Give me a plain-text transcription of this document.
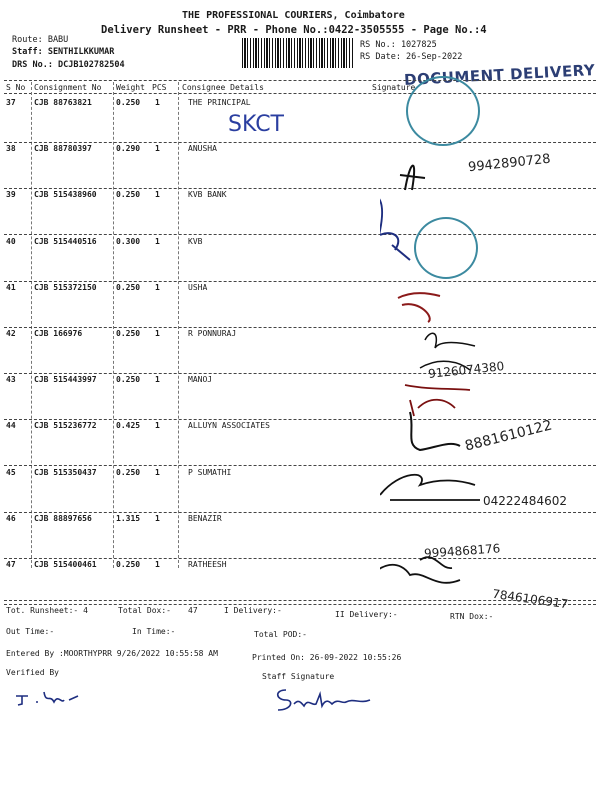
THE PROFESSIONAL COURIERS, Coimbatore
Delivery Runsheet - PRR - Phone No.:0422-3505555 - Page No.:4
Route: BABU
Staff: SENTHILKKUMAR
DRS No.: DCJB102782504
RS No.: 1027825
RS Date: 26-Sep-2022
DOCUMENT DELIVERY
S No Consignment No Weight PCS Consignee Details	Signature
37 CJB 88763821	0.250 1	THE PRINCIPAL
38 CJB 88780397	0.290 1	ANUSHA
39 CJB 515438960 0.250 1	KVB BANK
40 CJB 515440516 0.300 1	KVB
41 CJB 515372150 0.250 1	USHA
42 CJB 166976	0.250 1	R PONNURAJ
43 CJB 515443997 0.250 1	MANOJ
44 CJB 515236772 0.425 1	ALLUYN ASSOCIATES
45 CJB 515350437 0.250 1	P SUMATHI
46 CJB 88897656	1.315 1	BENAZIR
47 CJB 515400461 0.250 1	RATHEESH
SKCT
9942890728
9126074380
8881610122
04222484602
9994868176
7846106917
Tot. Runsheet:- 4	Total Dox:- 47	I Delivery:-	II Delivery:-	RTN Dox:-
Out Time:-	In Time:-	Total POD:-
Entered By :MOORTHYPRR 9/26/2022 10:55:58 AM	Printed On: 26-09-2022 10:55:26
Verified By	Staff Signature
